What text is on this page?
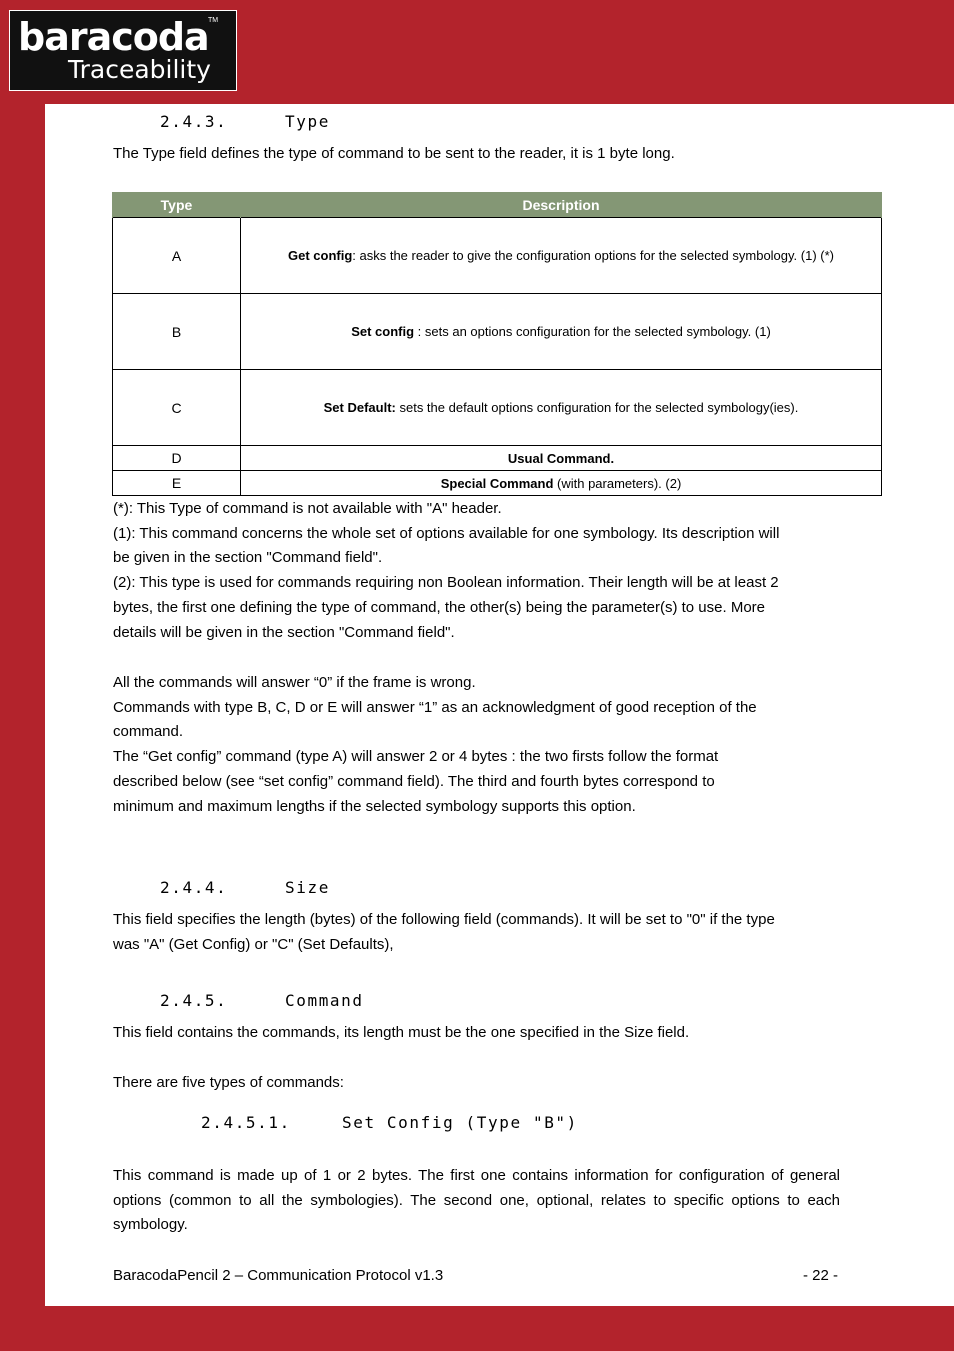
baracoda TM
Traceability
2.4.3.	Type

The Type field defines the type of command to be sent to the reader, it is 1 byte long.

Type	Description
A	Get config: asks the reader to give the configuration options for the selected symbology. (1) (*)
B	Set config : sets an options configuration for the selected symbology. (1)
C	Set Default: sets the default options configuration for the selected symbology(ies).
D	Usual Command.
E	Special Command (with parameters). (2)
(*): This Type of command is not available with "A" header.
(1): This command concerns the whole set of options available for one symbology. Its description will
be given in the section "Command field".
(2): This type is used for commands requiring non Boolean information. Their length will be at least 2
bytes, the first one defining the type of command, the other(s) being the parameter(s) to use. More
details will be given in the section "Command field".
All the commands will answer “0” if the frame is wrong.
Commands with type B, C, D or E will answer “1” as an acknowledgment of good reception of the
command.
The “Get config” command (type A) will answer 2 or 4 bytes : the two firsts follow the format
described below (see “set config” command field). The third and fourth bytes correspond to
minimum and maximum lengths if the selected symbology supports this option.
2.4.4.	Size
This field specifies the length (bytes) of the following field (commands). It will be set to "0" if the type
was "A" (Get Config) or "C" (Set Defaults),
2.4.5.	Command

This field contains the commands, its length must be the one specified in the Size field.

There are five types of commands:

2.4.5.1.	Set Config (Type "B")

This command is made up of 1 or 2 bytes. The first one contains information for configuration of general options (common to all the symbologies). The second one, optional, relates to specific options to each symbology.

BaracodaPencil 2 – Communication Protocol v1.3	- 22 -
